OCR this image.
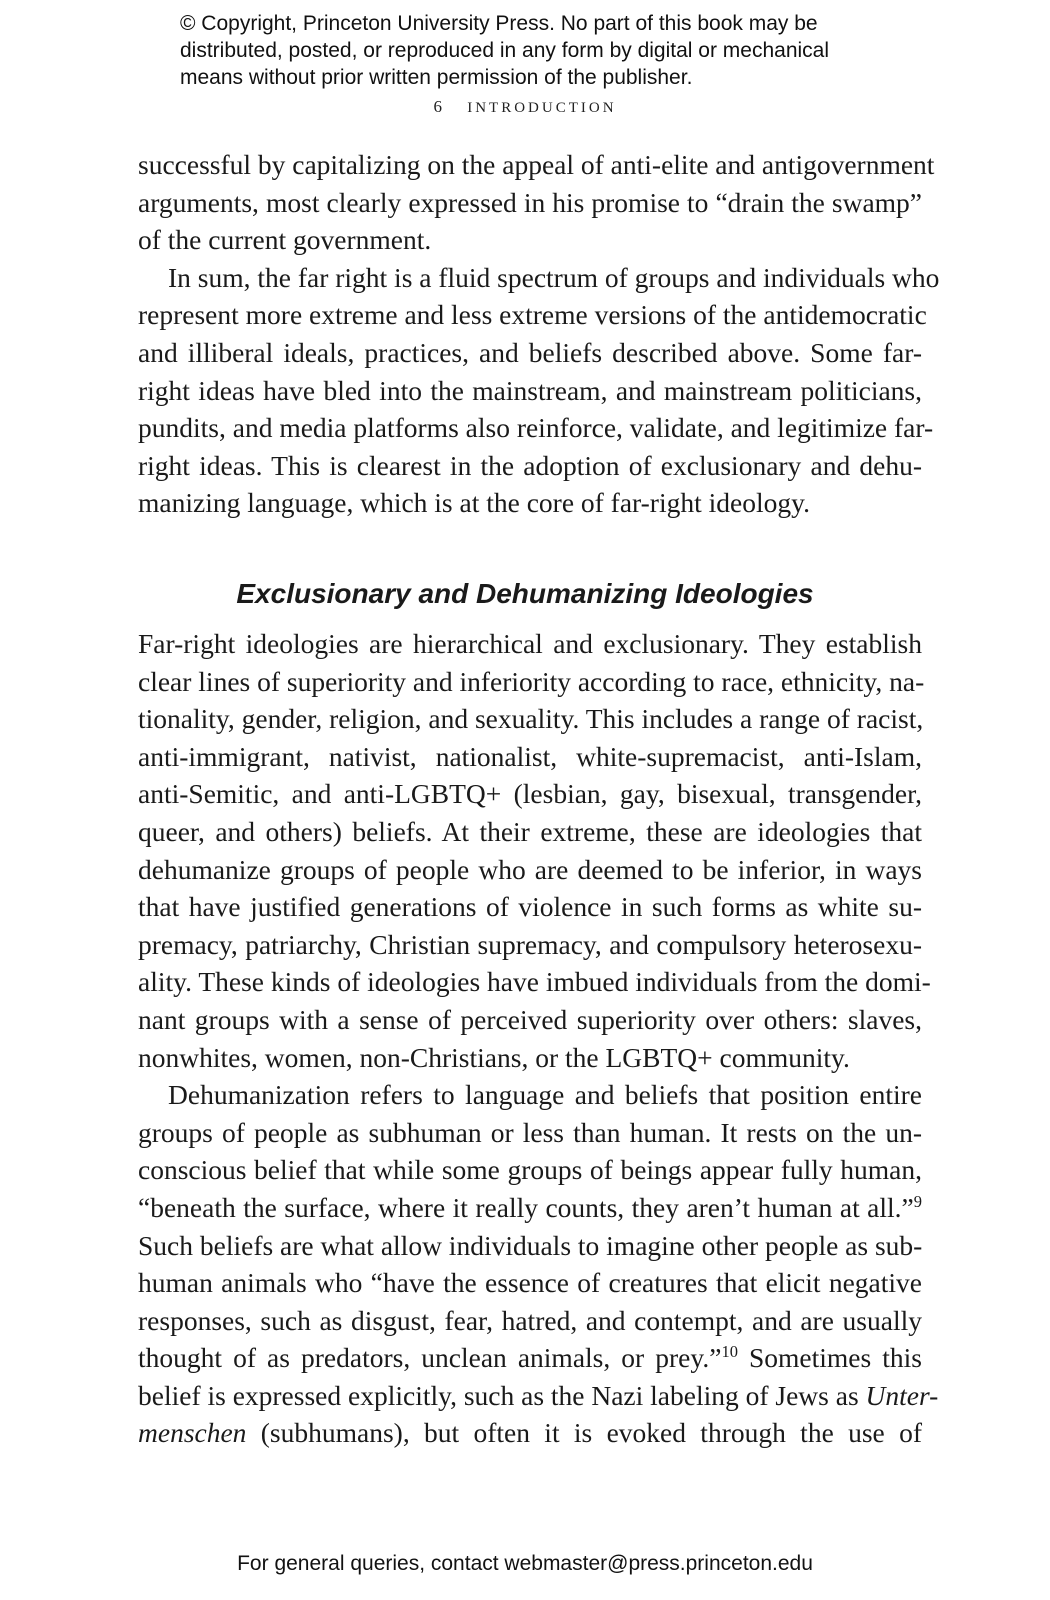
© Copyright, Princeton University Press. No part of this book may be
distributed, posted, or reproduced in any form by digital or mechanical
means without prior written permission of the publisher.
6 INTRODUCTION
successful by capitalizing on the appeal of anti-elite and antigovernment
arguments, most clearly expressed in his promise to “drain the swamp”
of the current government.
In sum, the far right is a fluid spectrum of groups and individuals who
represent more extreme and less extreme versions of the antidemocratic
and illiberal ideals, practices, and beliefs described above. Some far-
right ideas have bled into the mainstream, and mainstream politicians,
pundits, and media platforms also reinforce, validate, and legitimize far-
right ideas. This is clearest in the adoption of exclusionary and dehu-
manizing language, which is at the core of far-right ideology.
Exclusionary and Dehumanizing Ideologies
Far-right ideologies are hierarchical and exclusionary. They establish
clear lines of superiority and inferiority according to race, ethnicity, na-
tionality, gender, religion, and sexuality. This includes a range of racist,
anti-immigrant, nativist, nationalist, white-supremacist, anti-Islam,
anti-Semitic, and anti-LGBTQ+ (lesbian, gay, bisexual, transgender,
queer, and others) beliefs. At their extreme, these are ideologies that
dehumanize groups of people who are deemed to be inferior, in ways
that have justified generations of violence in such forms as white su-
premacy, patriarchy, Christian supremacy, and compulsory heterosexu-
ality. These kinds of ideologies have imbued individuals from the domi-
nant groups with a sense of perceived superiority over others: slaves,
nonwhites, women, non-Christians, or the LGBTQ+ community.
Dehumanization refers to language and beliefs that position entire
groups of people as subhuman or less than human. It rests on the un-
conscious belief that while some groups of beings appear fully human,
“beneath the surface, where it really counts, they aren’t human at all.”$^9$
Such beliefs are what allow individuals to imagine other people as sub-
human animals who “have the essence of creatures that elicit negative
responses, such as disgust, fear, hatred, and contempt, and are usually
thought of as predators, unclean animals, or prey.”$^{10}$ Sometimes this
belief is expressed explicitly, such as the Nazi labeling of Jews as Unter-
menschen (subhumans), but often it is evoked through the use of
For general queries, contact webmaster@press.princeton.edu
